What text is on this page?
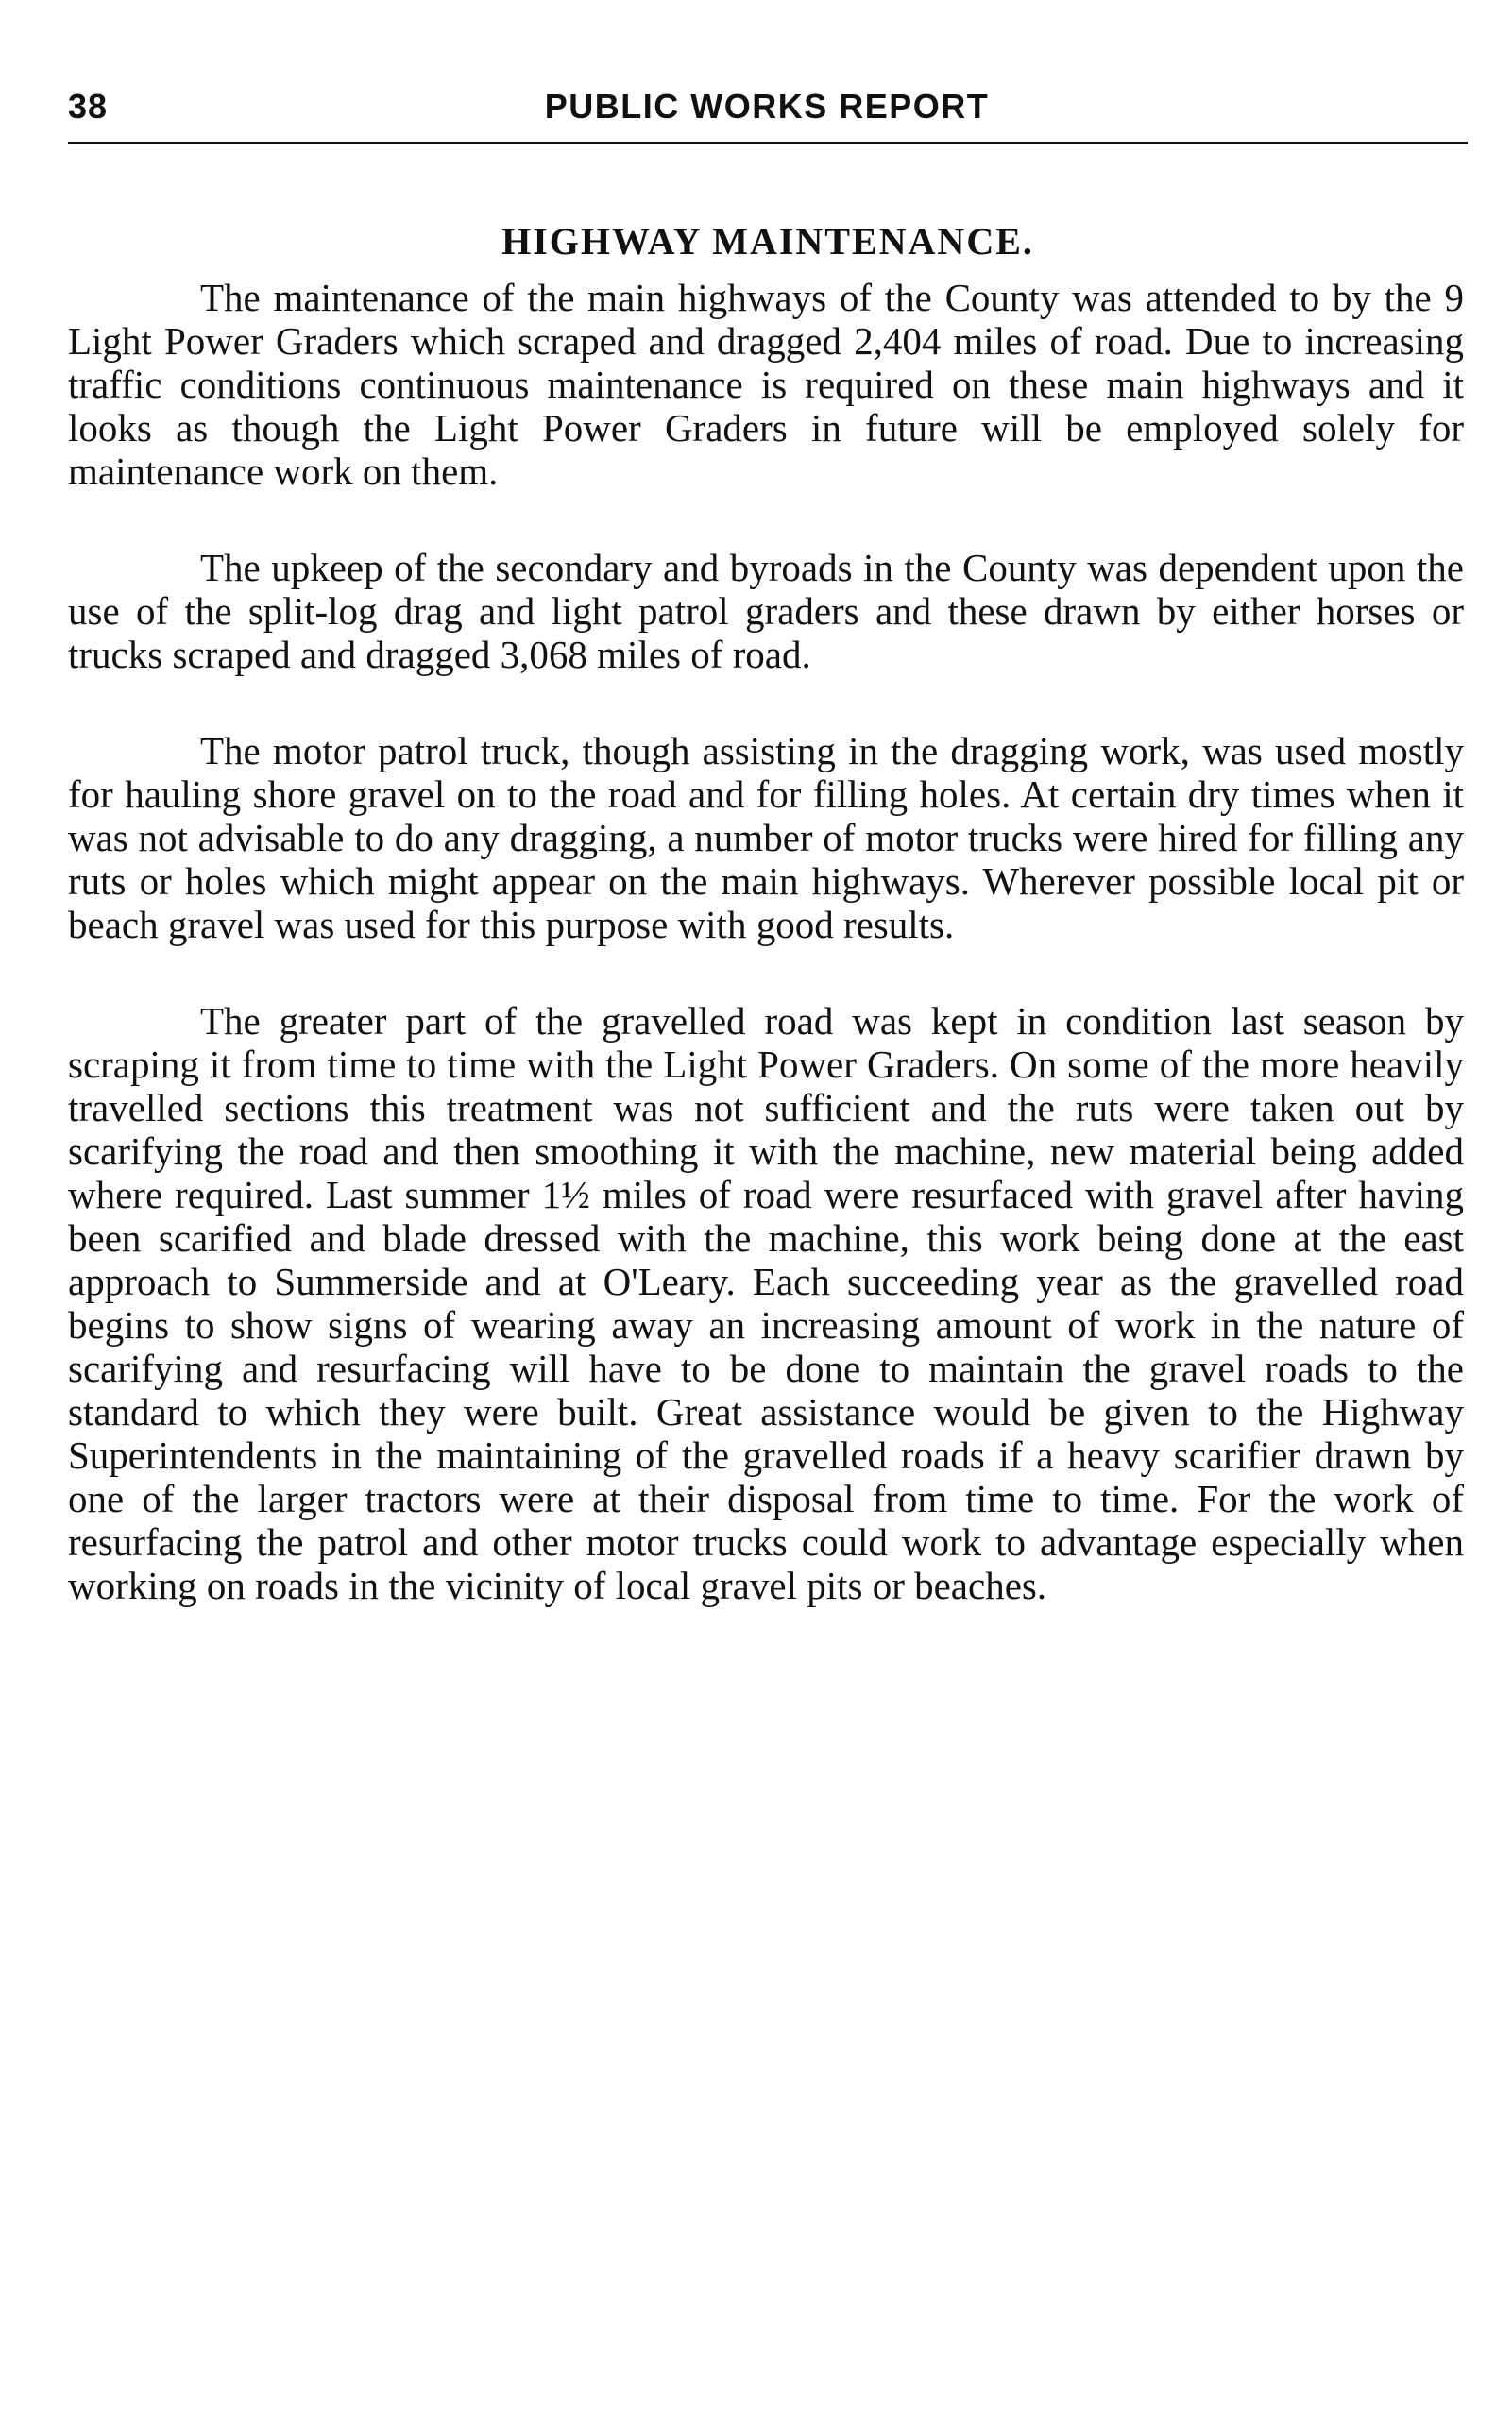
38	PUBLIC WORKS REPORT
HIGHWAY MAINTENANCE.

The maintenance of the main highways of the County was attended to by the 9 Light Power Graders which scraped and dragged 2,404 miles of road. Due to increasing traffic conditions continuous maintenance is required on these main highways and it looks as though the Light Power Graders in future will be employed solely for maintenance work on them.

The upkeep of the secondary and byroads in the County was dependent upon the use of the split-log drag and light patrol graders and these drawn by either horses or trucks scraped and dragged 3,068 miles of road.

The motor patrol truck, though assisting in the dragging work, was used mostly for hauling shore gravel on to the road and for filling holes. At certain dry times when it was not advisable to do any dragging, a number of motor trucks were hired for filling any ruts or holes which might appear on the main highways. Wherever possible local pit or beach gravel was used for this purpose with good results.

The greater part of the gravelled road was kept in condition last season by scraping it from time to time with the Light Power Graders. On some of the more heavily travelled sections this treatment was not sufficient and the ruts were taken out by scarifying the road and then smoothing it with the machine, new material being added where required. Last summer 1½ miles of road were resurfaced with gravel after having been scarified and blade dressed with the machine, this work being done at the east approach to Summerside and at O'Leary. Each succeeding year as the gravelled road begins to show signs of wearing away an increasing amount of work in the nature of scarifying and resurfacing will have to be done to maintain the gravel roads to the standard to which they were built. Great assistance would be given to the Highway Superintendents in the maintaining of the gravelled roads if a heavy scarifier drawn by one of the larger tractors were at their disposal from time to time. For the work of resurfacing the patrol and other motor trucks could work to advantage especially when working on roads in the vicinity of local gravel pits or beaches.
